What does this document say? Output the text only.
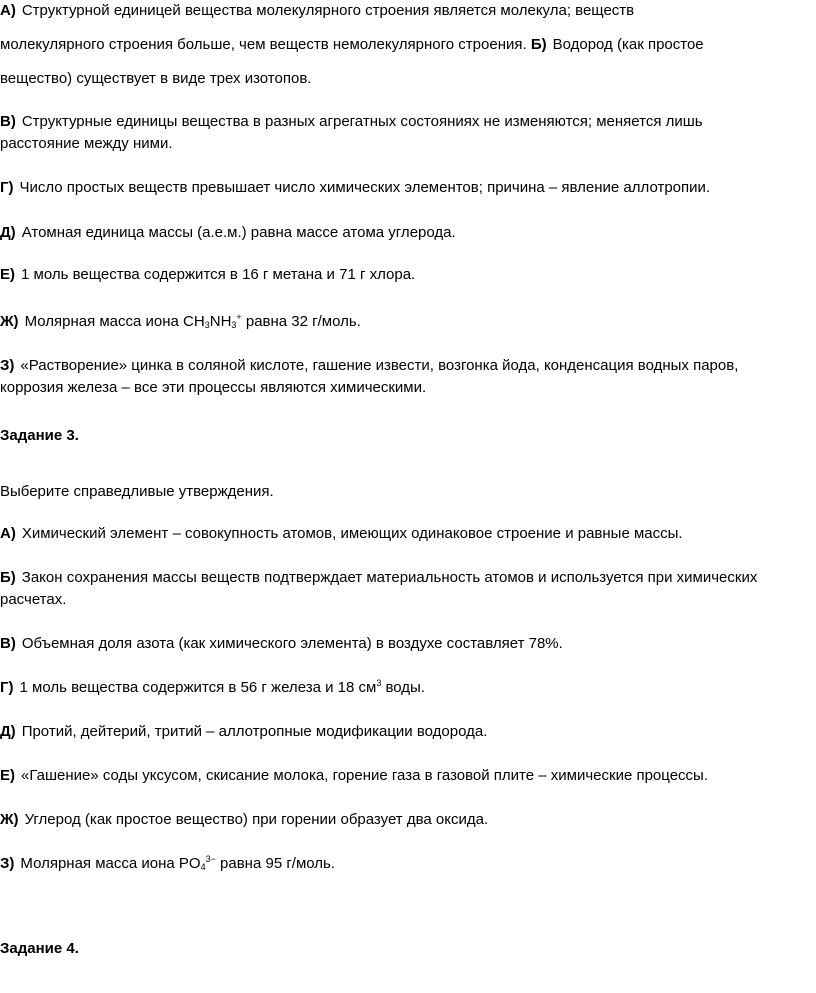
А) Структурной единицей вещества молекулярного строения является молекула; веществ
молекулярного строения больше, чем веществ немолекулярного строения. Б) Водород (как простое
вещество) существует в виде трех изотопов.
В) Структурные единицы вещества в разных агрегатных состояниях не изменяются; меняется лишь
расстояние между ними.
Г) Число простых веществ превышает число химических элементов; причина – явление аллотропии.
Д) Атомная единица массы (а.е.м.) равна массе атома углерода.
Е) 1 моль вещества содержится в 16 г метана и 71 г хлора.
Ж) Молярная масса иона $CH_3NH_3^+$ равна 32 г/моль.
З) «Растворение» цинка в соляной кислоте, гашение извести, возгонка йода, конденсация водных паров,
коррозия железа – все эти процессы являются химическими.
Задание 3.
Выберите справедливые утверждения.
А) Химический элемент – совокупность атомов, имеющих одинаковое строение и равные массы.
Б) Закон сохранения массы веществ подтверждает материальность атомов и используется при химических
расчетах.
В) Объемная доля азота (как химического элемента) в воздухе составляет 78%.
Г) 1 моль вещества содержится в 56 г железа и 18 $см^3$ воды.
Д) Протий, дейтерий, тритий – аллотропные модификации водорода.
Е) «Гашение» соды уксусом, скисание молока, горение газа в газовой плите – химические процессы.
Ж) Углерод (как простое вещество) при горении образует два оксида.
З) Молярная масса иона $PO_4^{3-}$ равна 95 г/моль.
Задание 4.
